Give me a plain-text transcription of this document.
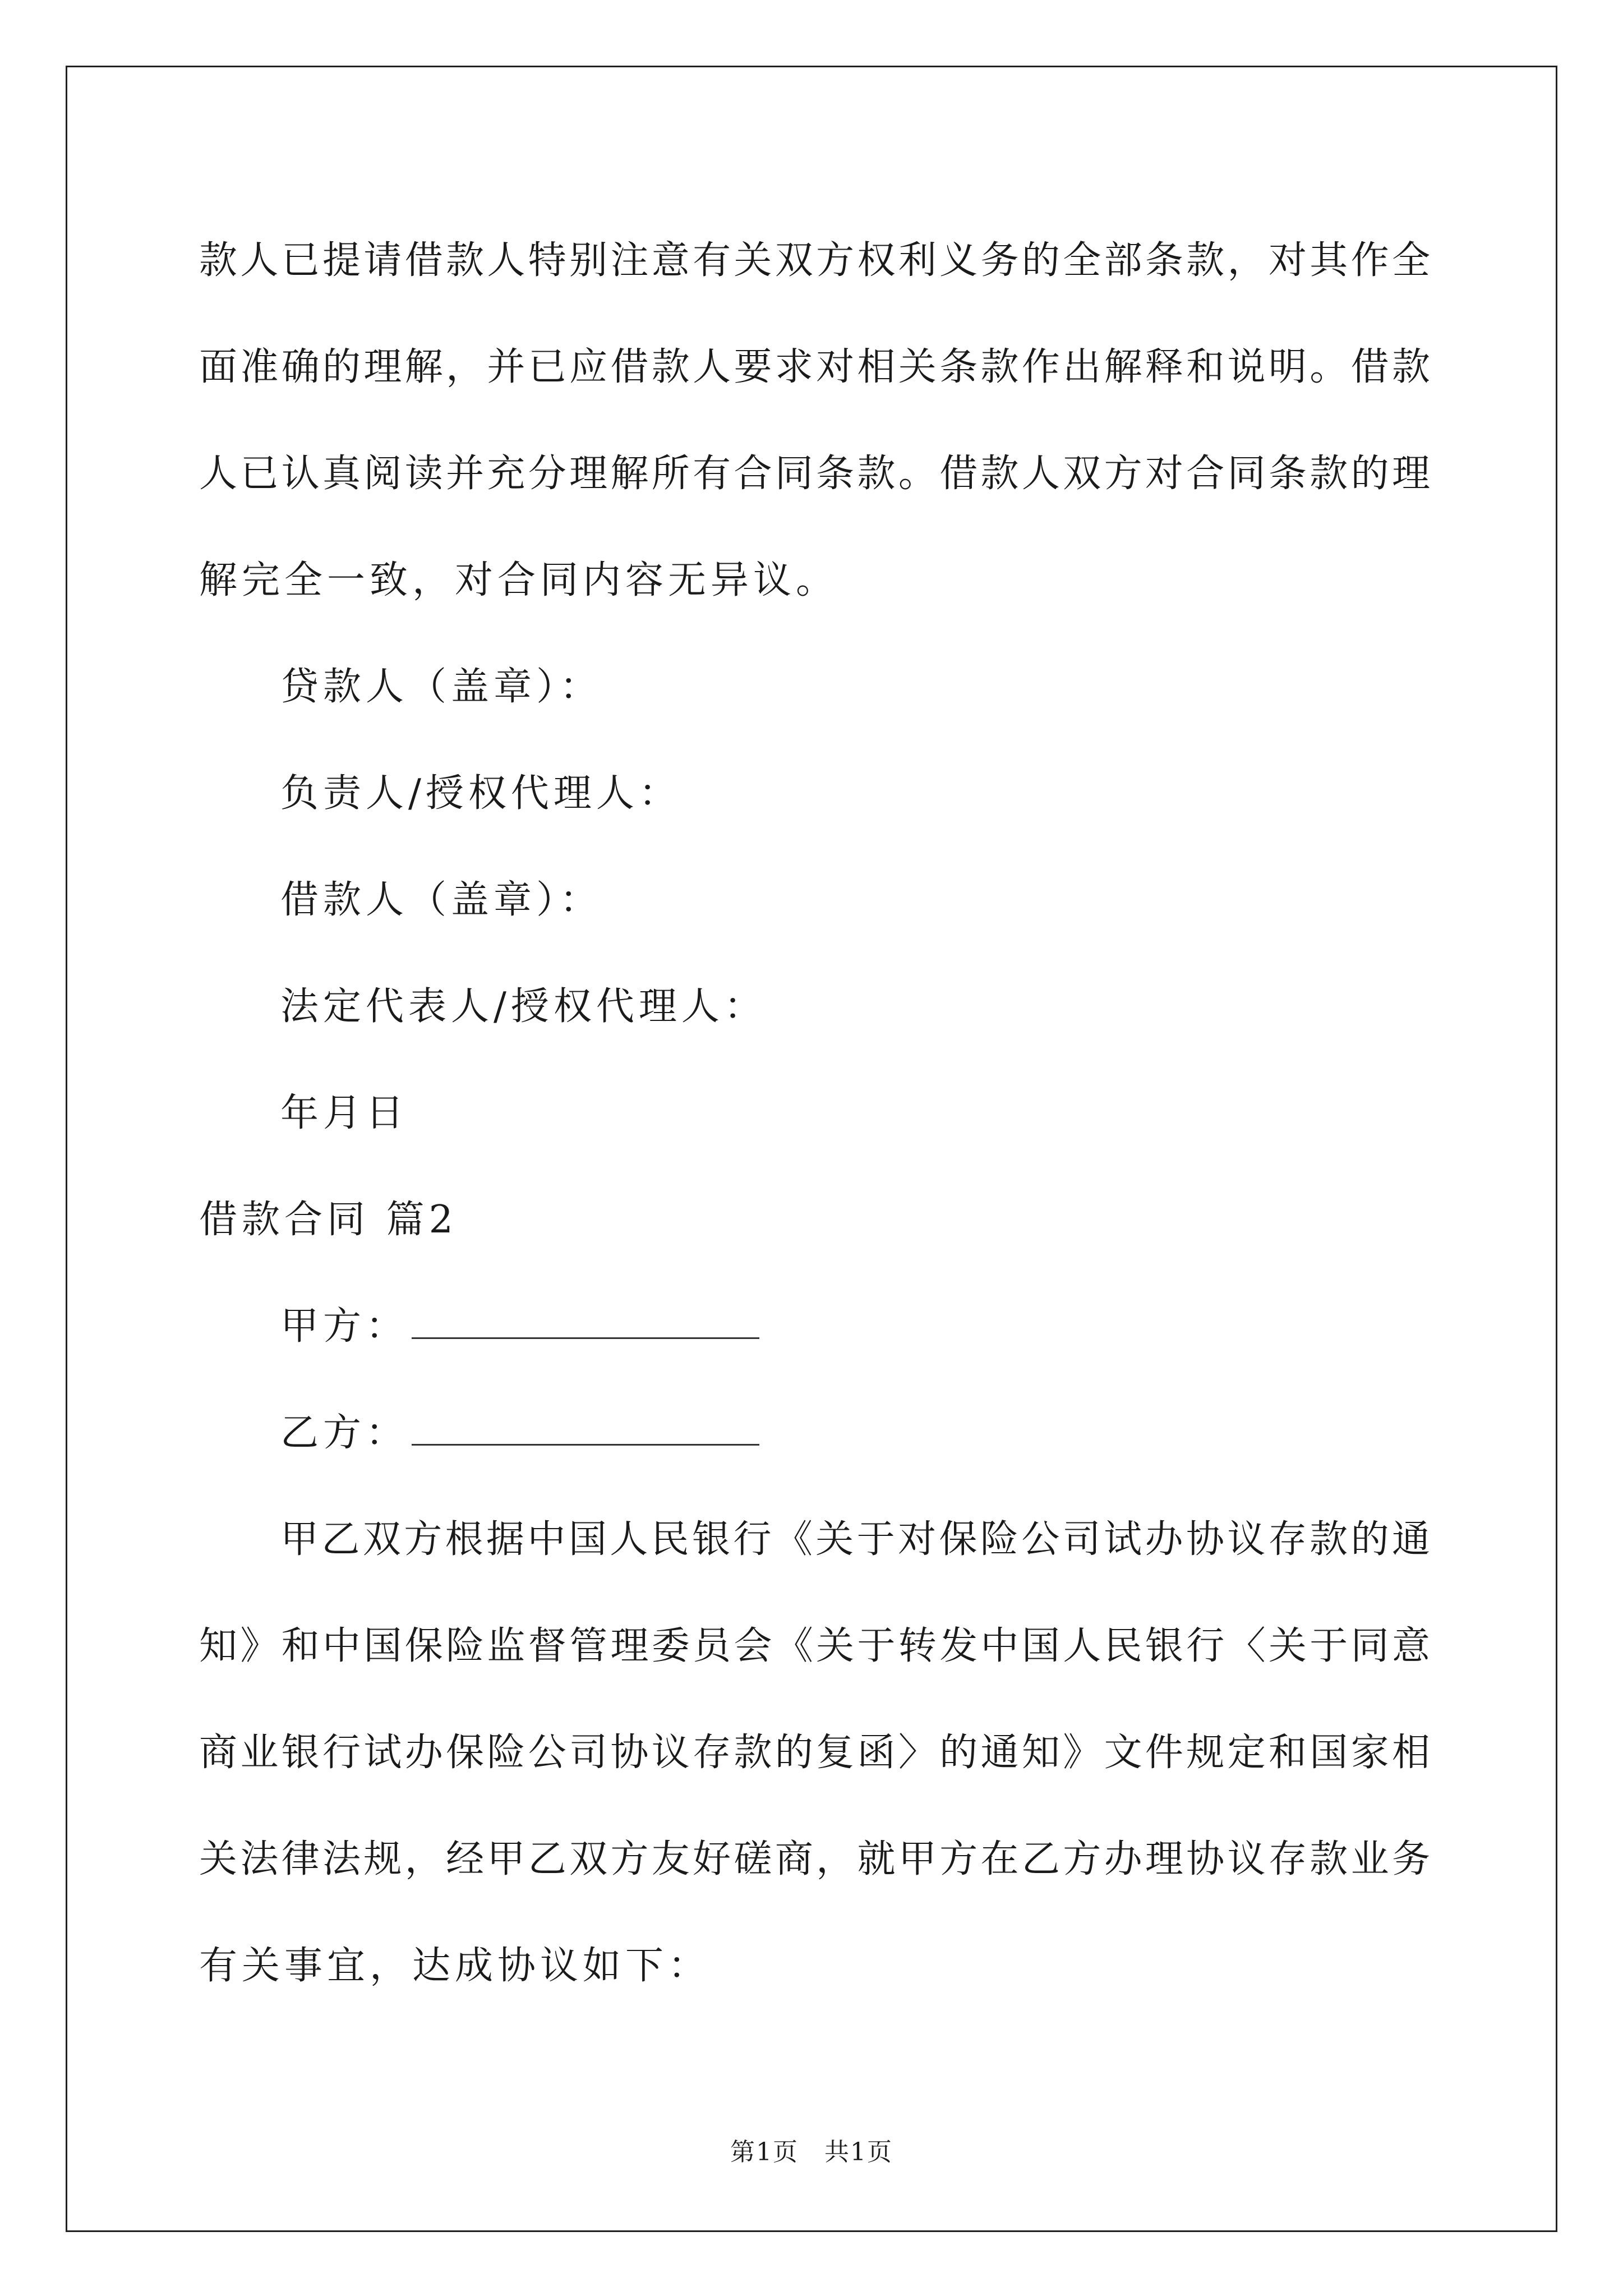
款人已提请借款人特别注意有关双方权利义务的全部条款，对其作全
面准确的理解，并已应借款人要求对相关条款作出解释和说明。借款
人已认真阅读并充分理解所有合同条款。借款人双方对合同条款的理
解完全一致，对合同内容无异议。
贷款人（盖章）：
负责人/授权代理人：
借款人（盖章）：
法定代表人/授权代理人：
年月日
借款合同 篇2
甲方：
乙方：
甲乙双方根据中国人民银行《关于对保险公司试办协议存款的通
知》和中国保险监督管理委员会《关于转发中国人民银行〈关于同意
商业银行试办保险公司协议存款的复函〉的通知》文件规定和国家相
关法律法规，经甲乙双方友好磋商，就甲方在乙方办理协议存款业务
有关事宜，达成协议如下：
第1页　共1页
